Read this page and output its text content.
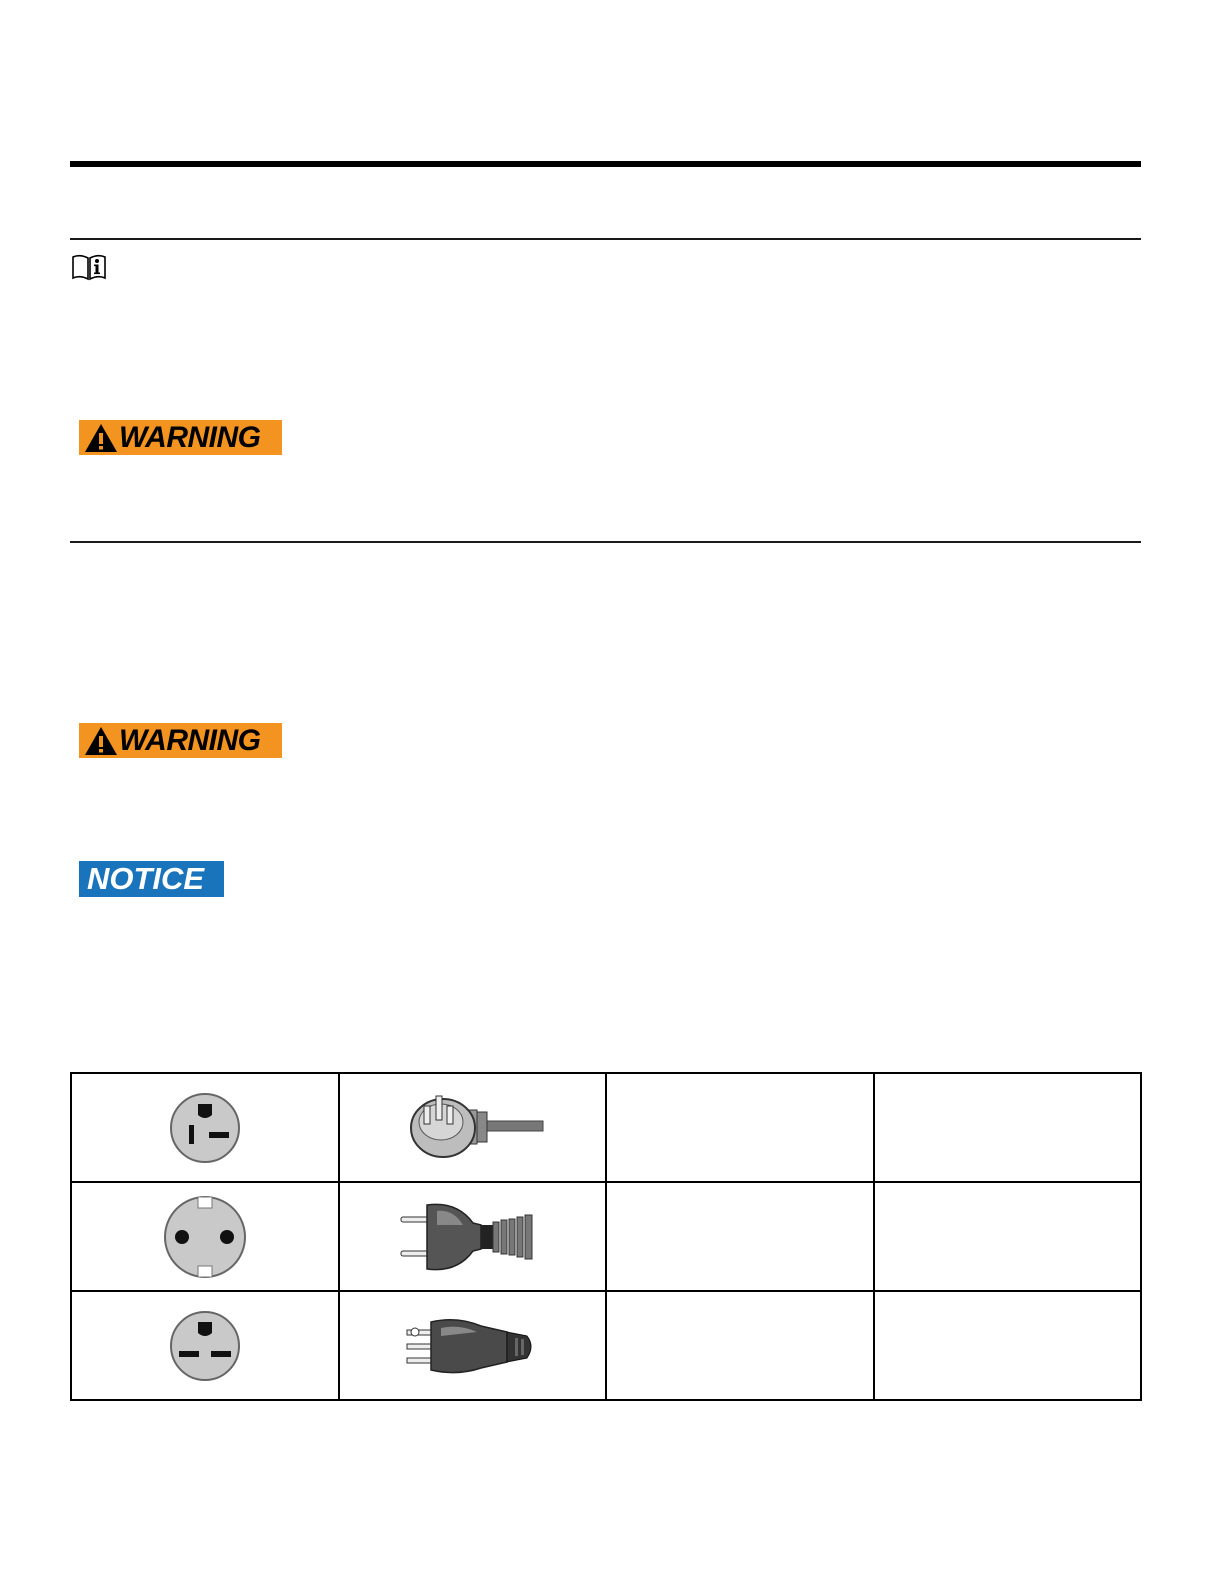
WARNING
WARNING
NOTICE
